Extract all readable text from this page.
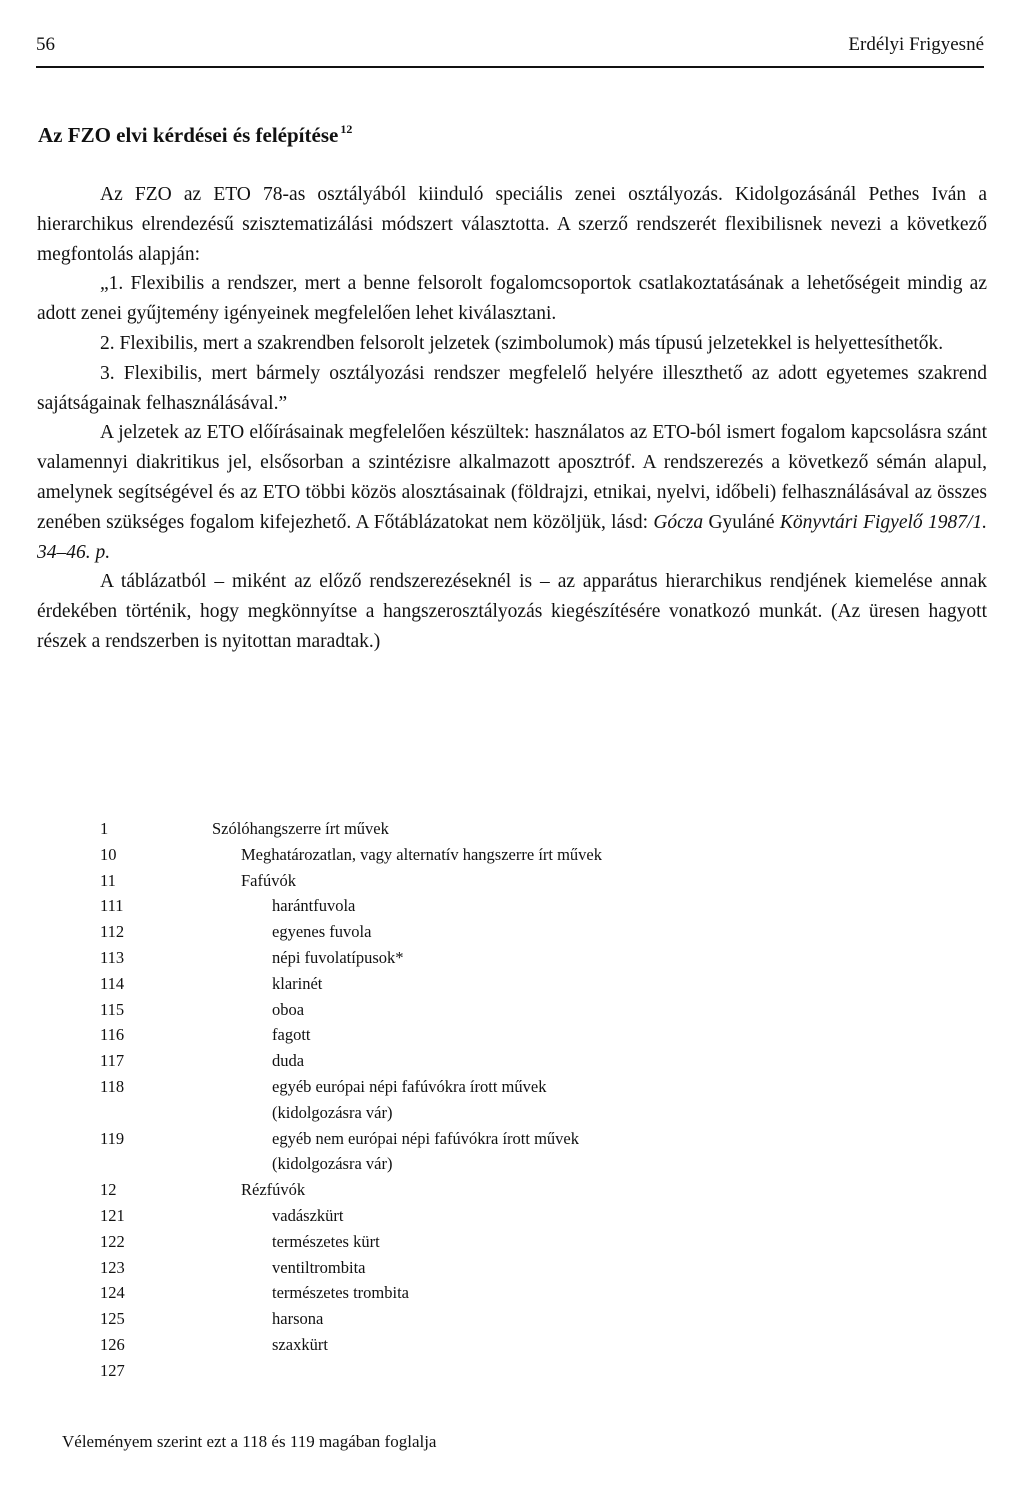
56	Erdélyi Frigyesné
Az FZO elvi kérdései és felépítése $^{12}$

Az FZO az ETO 78-as osztályából kiinduló speciális zenei osztályozás. Kidolgozásánál Pethes Iván a hierarchikus elrendezésű szisztematizálási módszert választotta. A szerző rendszerét flexibilisnek nevezi a következő megfontolás alapján:

„1. Flexibilis a rendszer, mert a benne felsorolt fogalomcsoportok csatlakoztatásának a lehetőségeit mindig az adott zenei gyűjtemény igényeinek megfelelően lehet kiválasztani.

2. Flexibilis, mert a szakrendben felsorolt jelzetek (szimbolumok) más típusú jelzetekkel is helyettesíthetők.

3. Flexibilis, mert bármely osztályozási rendszer megfelelő helyére illeszthető az adott egyetemes szakrend sajátságainak felhasználásával.”

A jelzetek az ETO előírásainak megfelelően készültek: használatos az ETO-ból ismert fogalom kapcsolásra szánt valamennyi diakritikus jel, elsősorban a szintézisre alkalmazott aposztróf. A rendszerezés a következő sémán alapul, amelynek segítségével és az ETO többi közös alosztásainak (földrajzi, etnikai, nyelvi, időbeli) felhasználásával az összes zenében szükséges fogalom kifejezhető. A Főtáblázatokat nem közöljük, lásd: Gócza Gyuláné Könyvtári Figyelő 1987/1. 34–46. p.

A táblázatból – miként az előző rendszerezéseknél is – az apparátus hierarchikus rendjének kiemelése annak érdekében történik, hogy megkönnyítse a hangszerosztályozás kiegészítésére vonatkozó munkát. (Az üresen hagyott részek a rendszerben is nyitottan maradtak.)

1	Szólóhangszerre írt művek
10	Meghatározatlan, vagy alternatív hangszerre írt művek
11	Fafúvók
111	harántfuvola
112	egyenes fuvola
113	népi fuvolatípusok*
114	klarinét
115	oboa
116	fagott
117	duda
118	egyéb európai népi fafúvókra írott művek
(kidolgozásra vár)
119	egyéb nem európai népi fafúvókra írott művek
(kidolgozásra vár)
12	Rézfúvók
121	vadászkürt
122	természetes kürt
123	ventiltrombita
124	természetes trombita
125	harsona
126	szaxkürt
127
Véleményem szerint ezt a 118 és 119 magában foglalja
